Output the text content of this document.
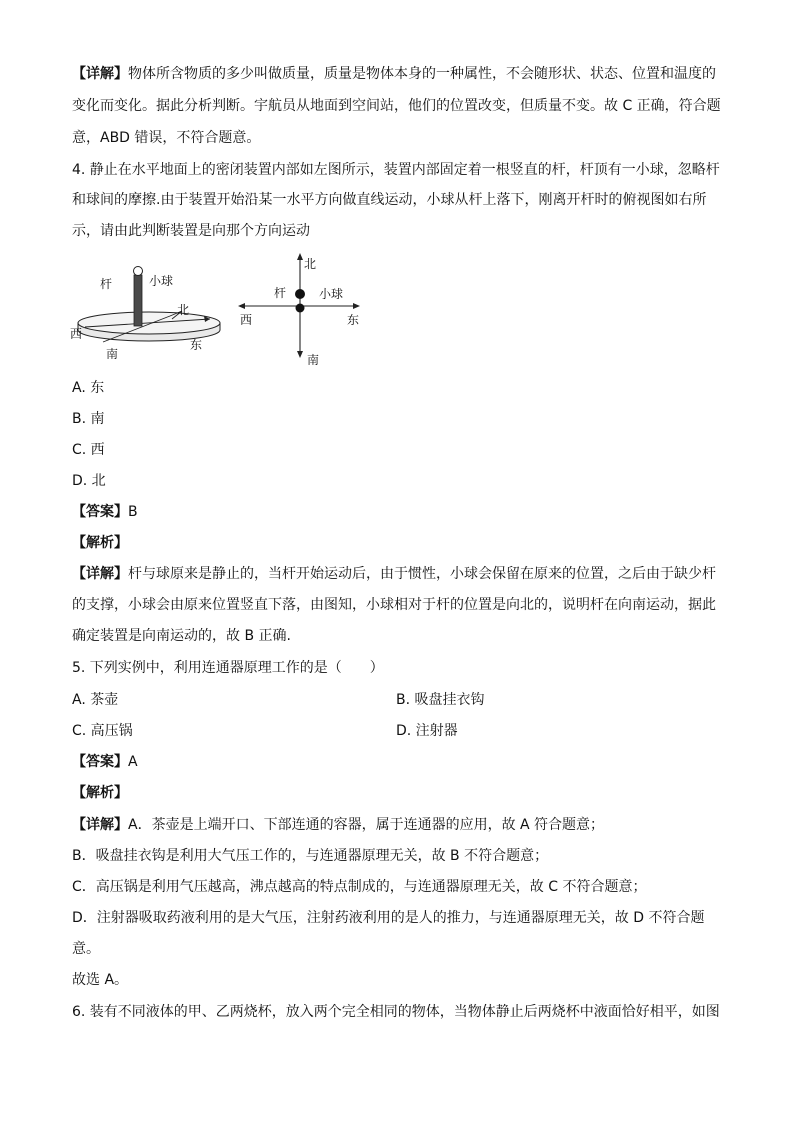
【详解】物体所含物质的多少叫做质量，质量是物体本身的一种属性，不会随形状、状态、位置和温度的
变化而变化。据此分析判断。宇航员从地面到空间站，他们的位置改变，但质量不变。故 C 正确，符合题
意，ABD 错误，不符合题意。
4. 静止在水平地面上的密闭装置内部如左图所示，装置内部固定着一根竖直的杆，杆顶有一小球，忽略杆
和球间的摩擦.由于装置开始沿某一水平方向做直线运动，小球从杆上落下，刚离开杆时的俯视图如右所
示，请由此判断装置是向那个方向运动
杆	小球
北
西
南
东
北
杆	小球
西	东
南
A. 东
B. 南
C. 西
D. 北
【答案】B
【解析】
【详解】杆与球原来是静止的，当杆开始运动后，由于惯性，小球会保留在原来的位置，之后由于缺少杆
的支撑，小球会由原来位置竖直下落，由图知，小球相对于杆的位置是向北的，说明杆在向南运动，据此
确定装置是向南运动的，故 B 正确.
5. 下列实例中，利用连通器原理工作的是（　　）
A. 茶壶	B. 吸盘挂衣钩
C. 高压锅	D. 注射器
【答案】A
【解析】
【详解】A．茶壶是上端开口、下部连通的容器，属于连通器的应用，故 A 符合题意；
B．吸盘挂衣钩是利用大气压工作的，与连通器原理无关，故 B 不符合题意；
C．高压锅是利用气压越高，沸点越高的特点制成的，与连通器原理无关，故 C 不符合题意；
D．注射器吸取药液利用的是大气压，注射药液利用的是人的推力，与连通器原理无关，故 D 不符合题
意。
故选 A。
6. 装有不同液体的甲、乙两烧杯，放入两个完全相同的物体，当物体静止后两烧杯中液面恰好相平，如图
